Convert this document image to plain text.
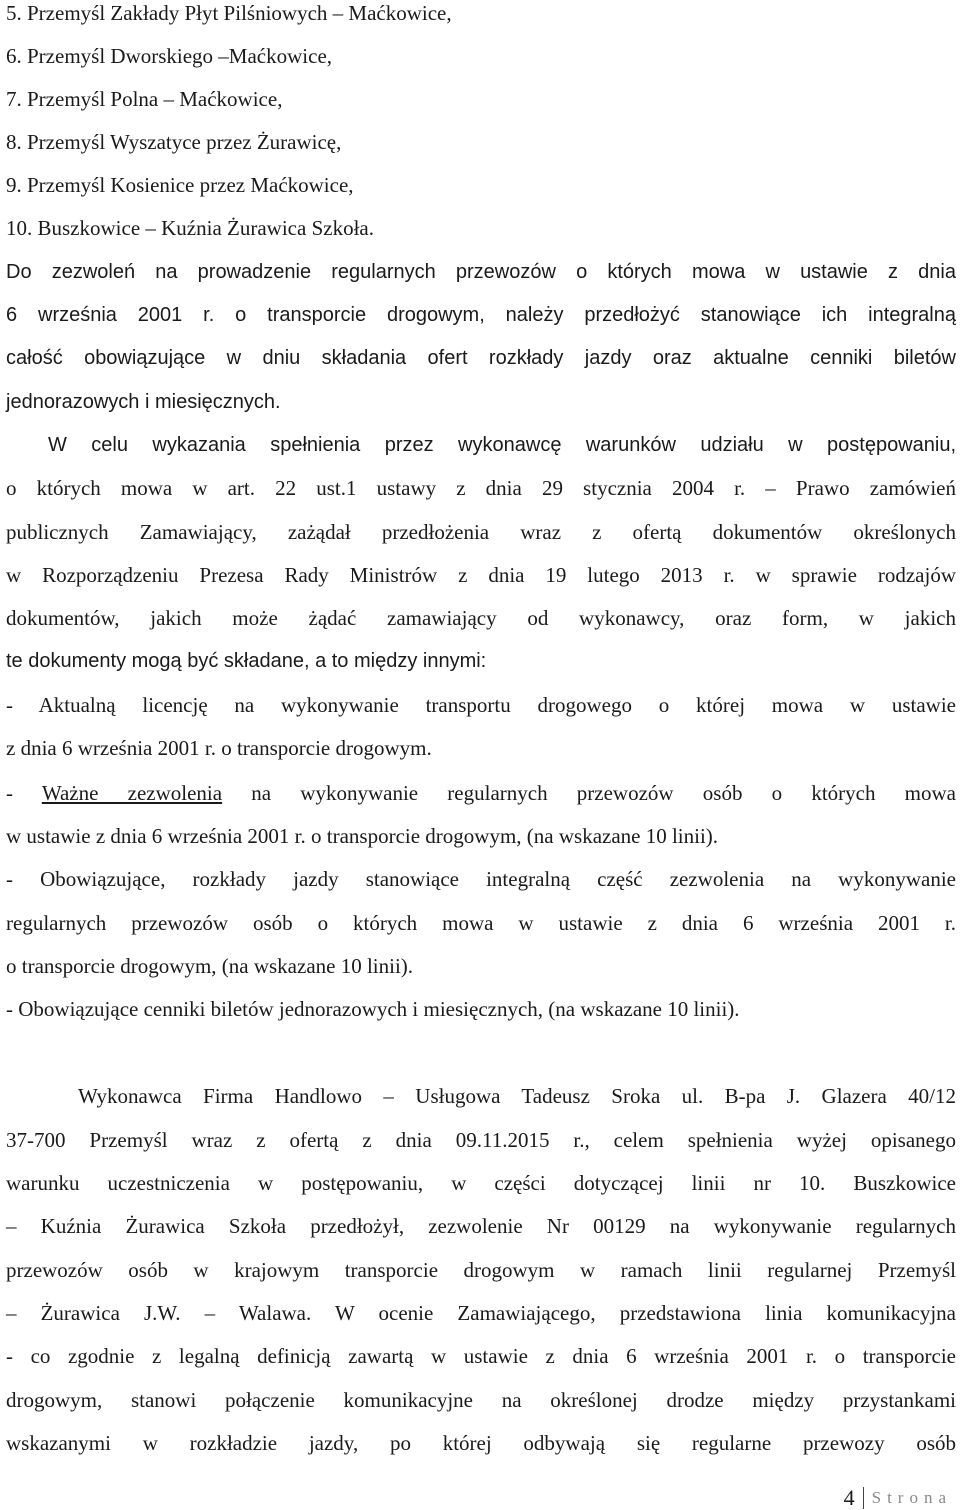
5. Przemyśl Zakłady Płyt Pilśniowych – Maćkowice,
6. Przemyśl Dworskiego –Maćkowice,
7. Przemyśl Polna – Maćkowice,
8. Przemyśl Wyszatyce przez Żurawicę,
9. Przemyśl Kosienice przez Maćkowice,
10. Buszkowice – Kuźnia Żurawica Szkoła.
Do zezwoleń na prowadzenie regularnych przewozów o których mowa w ustawie z dnia
6 września 2001 r. o transporcie drogowym, należy przedłożyć stanowiące ich integralną
całość obowiązujące w dniu składania ofert rozkłady jazdy oraz aktualne cenniki biletów
jednorazowych i miesięcznych.
W celu wykazania spełnienia przez wykonawcę warunków udziału w postępowaniu,
o których mowa w art. 22 ust.1 ustawy z dnia 29 stycznia 2004 r. – Prawo zamówień
publicznych Zamawiający, zażądał przedłożenia wraz z ofertą dokumentów określonych
w Rozporządzeniu Prezesa Rady Ministrów z dnia 19 lutego 2013 r. w sprawie rodzajów
dokumentów, jakich może żądać zamawiający od wykonawcy, oraz form, w jakich
te dokumenty mogą być składane, a to między innymi:
- Aktualną licencję na wykonywanie transportu drogowego o której mowa w ustawie
z dnia 6 września 2001 r. o transporcie drogowym.
- Ważne zezwolenia na wykonywanie regularnych przewozów osób o których mowa
w ustawie z dnia 6 września 2001 r. o transporcie drogowym, (na wskazane 10 linii).
- Obowiązujące, rozkłady jazdy stanowiące integralną część zezwolenia na wykonywanie
regularnych przewozów osób o których mowa w ustawie z dnia 6 września 2001 r.
o transporcie drogowym, (na wskazane 10 linii).
- Obowiązujące cenniki biletów jednorazowych i miesięcznych, (na wskazane 10 linii).
Wykonawca Firma Handlowo – Usługowa Tadeusz Sroka ul. B-pa J. Glazera 40/12
37-700 Przemyśl wraz z ofertą z dnia 09.11.2015 r., celem spełnienia wyżej opisanego
warunku uczestniczenia w postępowaniu, w części dotyczącej linii nr 10. Buszkowice
– Kuźnia Żurawica Szkoła przedłożył, zezwolenie Nr 00129 na wykonywanie regularnych
przewozów osób w krajowym transporcie drogowym w ramach linii regularnej Przemyśl
– Żurawica J.W. – Walawa. W ocenie Zamawiającego, przedstawiona linia komunikacyjna
- co zgodnie z legalną definicją zawartą w ustawie z dnia 6 września 2001 r. o transporcie
drogowym, stanowi połączenie komunikacyjne na określonej drodze między przystankami
wskazanymi w rozkładzie jazdy, po której odbywają się regularne przewozy osób
4	Strona
